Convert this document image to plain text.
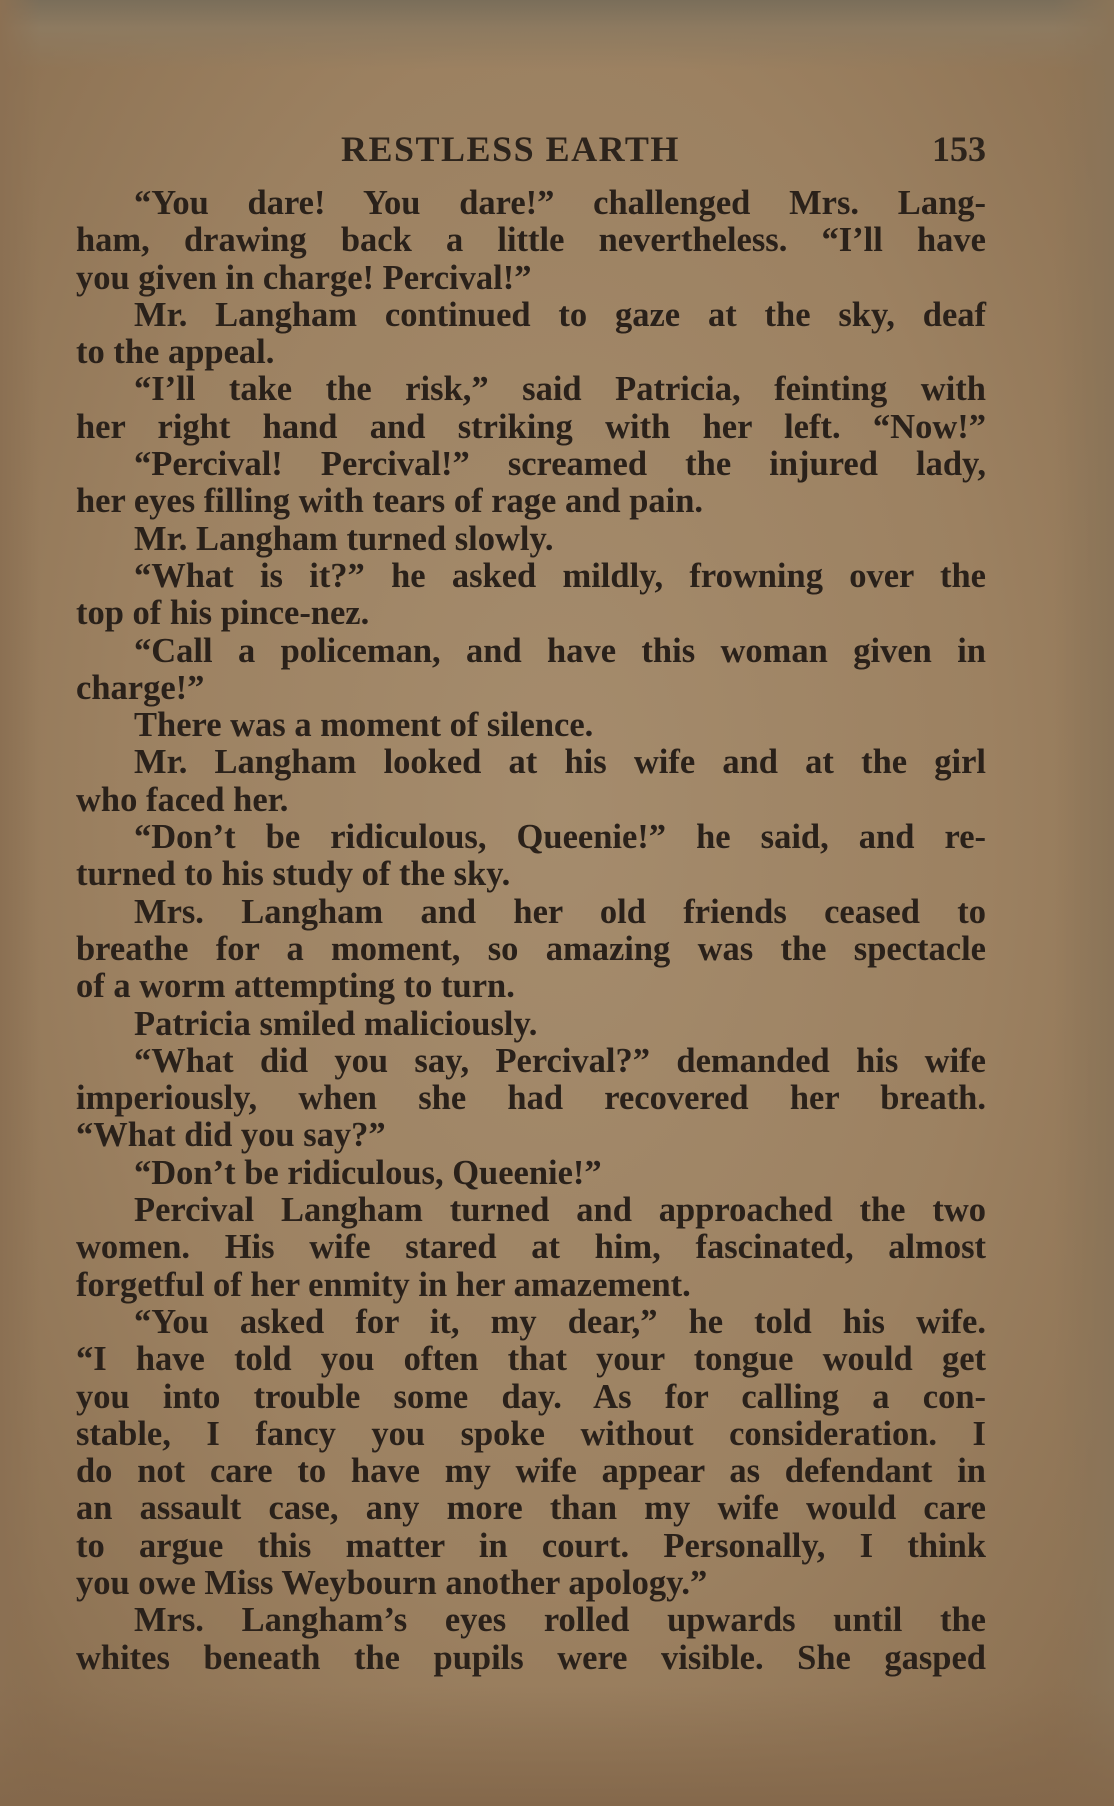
RESTLESS EARTH	153
“You dare! You dare!” challenged Mrs. Lang-
ham, drawing back a little nevertheless. “I’ll have
you given in charge! Percival!”
Mr. Langham continued to gaze at the sky, deaf
to the appeal.
“I’ll take the risk,” said Patricia, feinting with
her right hand and striking with her left. “Now!”
“Percival! Percival!” screamed the injured lady,
her eyes filling with tears of rage and pain.
Mr. Langham turned slowly.
“What is it?” he asked mildly, frowning over the
top of his pince-nez.
“Call a policeman, and have this woman given in
charge!”
There was a moment of silence.
Mr. Langham looked at his wife and at the girl
who faced her.
“Don’t be ridiculous, Queenie!” he said, and re-
turned to his study of the sky.
Mrs. Langham and her old friends ceased to
breathe for a moment, so amazing was the spectacle
of a worm attempting to turn.
Patricia smiled maliciously.
“What did you say, Percival?” demanded his wife
imperiously, when she had recovered her breath.
“What did you say?”
“Don’t be ridiculous, Queenie!”
Percival Langham turned and approached the two
women. His wife stared at him, fascinated, almost
forgetful of her enmity in her amazement.
“You asked for it, my dear,” he told his wife.
“I have told you often that your tongue would get
you into trouble some day. As for calling a con-
stable, I fancy you spoke without consideration. I
do not care to have my wife appear as defendant in
an assault case, any more than my wife would care
to argue this matter in court. Personally, I think
you owe Miss Weybourn another apology.”
Mrs. Langham’s eyes rolled upwards until the
whites beneath the pupils were visible. She gasped
